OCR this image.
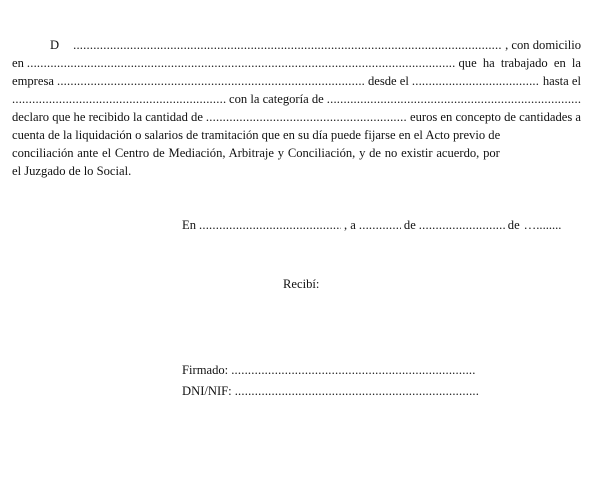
D .....	, con domicilio
en .....	que ha trabajado en la
empresa .....	desde el .....	hasta el
.....
con la categoría de
.....
declaro que he recibido la cantidad de .....	euros en concepto de cantidades a
cuenta de la liquidación o salarios de tramitación que en su día puede fijarse en el Acto previo de
conciliación ante el Centro de Mediación, Arbitraje y Conciliación, y de no existir acuerdo, por
el Juzgado de lo Social.
En .....	, a .....	de .....	de …........
Recibí:
Firmado:
.....
DNI/NIF:
.....
